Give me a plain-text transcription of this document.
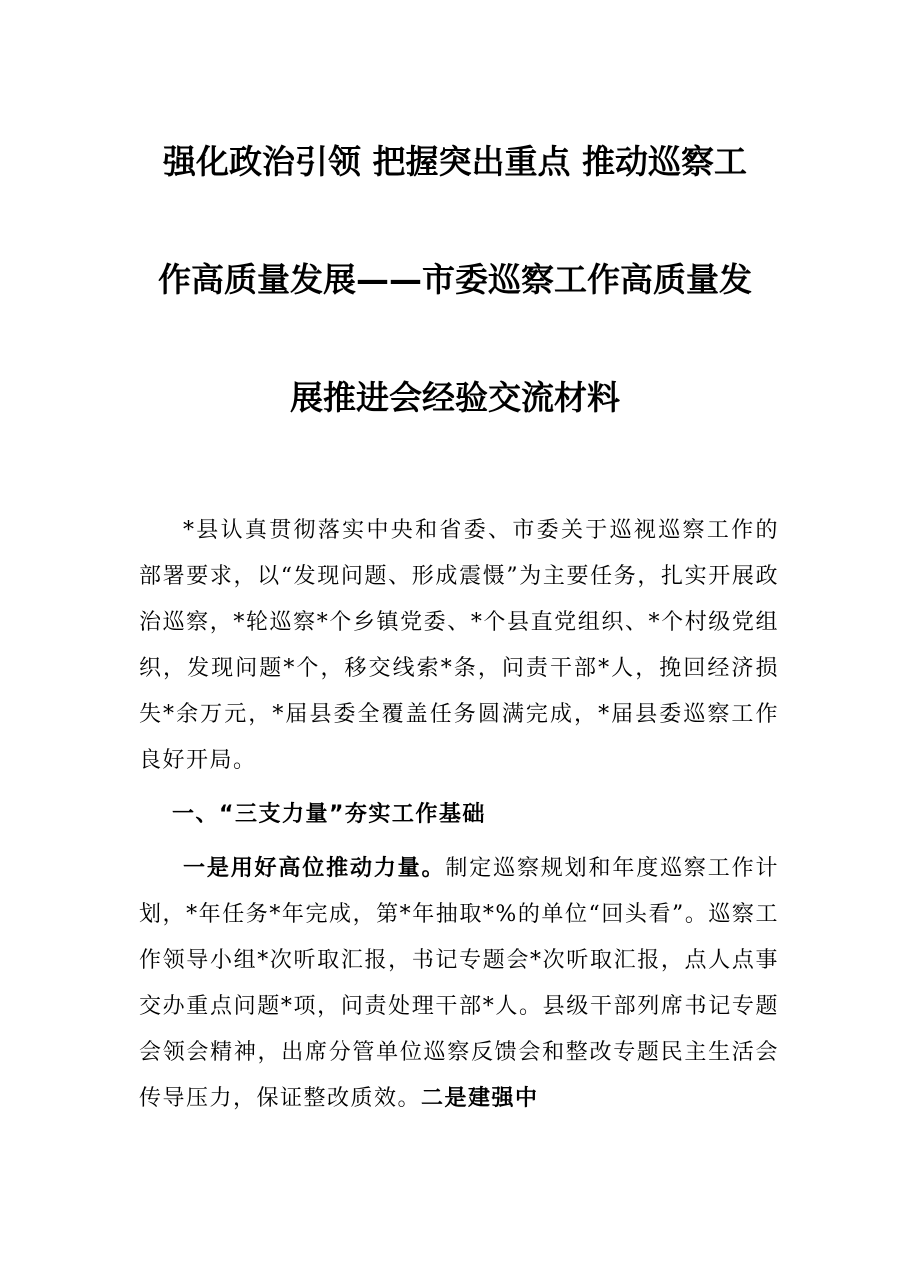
强化政治引领 把握突出重点 推动巡察工
作高质量发展——市委巡察工作高质量发
展推进会经验交流材料

*县认真贯彻落实中央和省委、市委关于巡视巡察工作的部署要求，以“发现问题、形成震慑”为主要任务，扎实开展政治巡察，*轮巡察*个乡镇党委、*个县直党组织、*个村级党组织，发现问题*个，移交线索*条，问责干部*人，挽回经济损失*余万元，*届县委全覆盖任务圆满完成，*届县委巡察工作良好开局。

一、“三支力量”夯实工作基础

一是用好高位推动力量。制定巡察规划和年度巡察工作计划，*年任务*年完成，第*年抽取*%的单位“回头看”。巡察工作领导小组*次听取汇报，书记专题会*次听取汇报，点人点事交办重点问题*项，问责处理干部*人。县级干部列席书记专题会领会精神，出席分管单位巡察反馈会和整改专题民主生活会传导压力，保证整改质效。二是建强中
